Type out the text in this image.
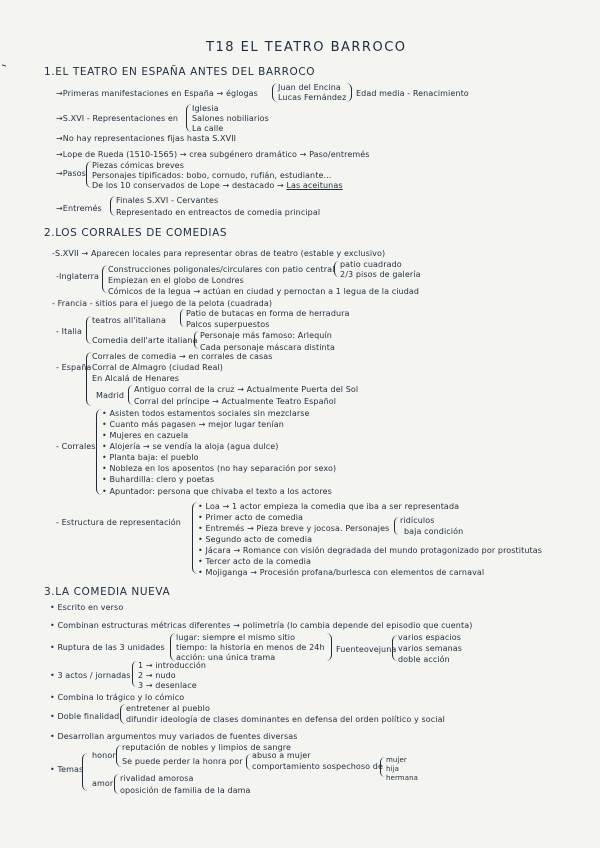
T18 EL TEATRO BARROCO
1.EL TEATRO EN ESPAÑA ANTES DEL BARROCO
→Primeras manifestaciones en España → églogas
Juan del Encina
Lucas Fernández Edad media - Renacimiento
→S.XVI - Representaciones en
Iglesia
Salones nobiliarios
La calle
→No hay representaciones fijas hasta S.XVII
→Lope de Rueda (1510-1565) → crea subgénero dramático → Paso/entremés
→Pasos
Piezas cómicas breves
Personajes tipificados: bobo, cornudo, rufián, estudiante...
De los 10 conservados de Lope → destacado → Las aceitunas
→Entremés
Finales S.XVI - Cervantes
Representado en entreactos de comedia principal
2.LOS CORRALES DE COMEDIAS
-S.XVII → Aparecen locales para representar obras de teatro (estable y exclusivo)
-Inglaterra
Construcciones poligonales/circulares con patio central
patio cuadrado
2/3 pisos de galería
Empiezan en el globo de Londres
Cómicos de la legua → actúan en ciudad y pernoctan a 1 legua de la ciudad
- Francia - sitios para el juego de la pelota (cuadrada)
- Italia
teatros all'italiana
Patio de butacas en forma de herradura
Palcos superpuestos
Comedia dell'arte italiana
Personaje más famoso: Arlequín
Cada personaje máscara distinta
- España
Corrales de comedia → en corrales de casas
Corral de Almagro (ciudad Real)
En Alcalá de Henares
Madrid
Antiguo corral de la cruz → Actualmente Puerta del Sol
Corral del príncipe → Actualmente Teatro Español
- Corrales
• Asisten todos estamentos sociales sin mezclarse
• Cuanto más pagasen → mejor lugar tenían
• Mujeres en cazuela
• Alojería → se vendía la aloja (agua dulce)
• Planta baja: el pueblo
• Nobleza en los aposentos (no hay separación por sexo)
• Buhardilla: clero y poetas
• Apuntador: persona que chivaba el texto a los actores
- Estructura de representación
• Loa → 1 actor empieza la comedia que iba a ser representada
• Primer acto de comedia
• Entremés → Pieza breve y jocosa. Personajes
ridículos
baja condición
• Segundo acto de comedia
• Jácara → Romance con visión degradada del mundo protagonizado por prostitutas
• Tercer acto de la comedia
• Mojiganga → Procesión profana/burlesca con elementos de carnaval
3.LA COMEDIA NUEVA
• Escrito en verso
• Combinan estructuras métricas diferentes → polimetría (lo cambia depende del episodio que cuenta)
• Ruptura de las 3 unidades
lugar: siempre el mismo sitio
tiempo: la historia en menos de 24h
acción: una única trama
Fuenteovejuna
varios espacios
varios semanas
doble acción
• 3 actos / jornadas
1 → introducción
2 → nudo
3 → desenlace
• Combina lo trágico y lo cómico
• Doble finalidad
entretener al pueblo
difundir ideología de clases dominantes en defensa del orden político y social
• Desarrollan argumentos muy variados de fuentes diversas
• Temas
honor
reputación de nobles y limpios de sangre
Se puede perder la honra por
abuso a mujer
comportamiento sospechoso de
mujer
hija
hermana
amor
rivalidad amorosa
oposición de familia de la dama
